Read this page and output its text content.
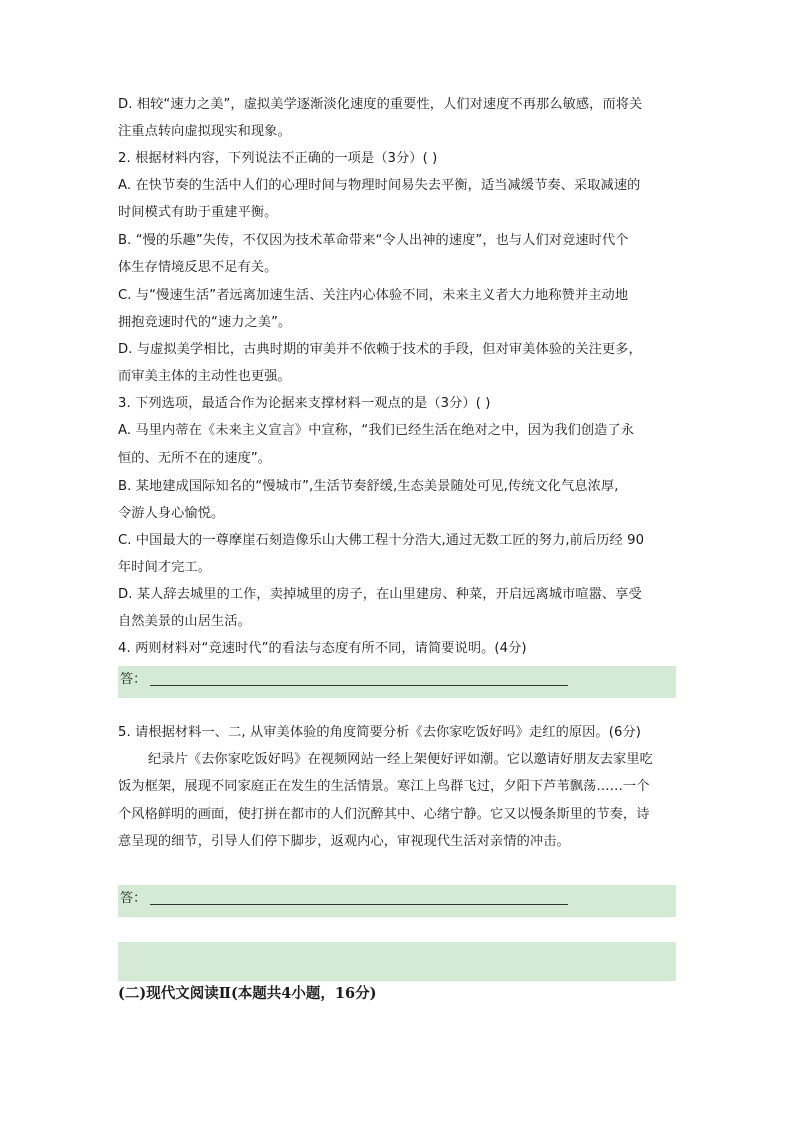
D. 相较“速力之美”，虚拟美学逐渐淡化速度的重要性，人们对速度不再那么敏感，而将关
注重点转向虚拟现实和现象。
2. 根据材料内容，下列说法不正确的一项是（3分）( )
A. 在快节奏的生活中人们的心理时间与物理时间易失去平衡，适当减缓节奏、采取减速的
时间模式有助于重建平衡。
B. “慢的乐趣”失传，不仅因为技术革命带来“令人出神的速度”，也与人们对竞速时代个
体生存情境反思不足有关。
C. 与“慢速生活”者远离加速生活、关注内心体验不同，未来主义者大力地称赞并主动地
拥抱竞速时代的“速力之美”。
D. 与虚拟美学相比，古典时期的审美并不依赖于技术的手段，但对审美体验的关注更多，
而审美主体的主动性也更强。
3. 下列选项，最适合作为论据来支撑材料一观点的是（3分）( )
A. 马里内蒂在《未来主义宣言》中宣称，“我们已经生活在绝对之中，因为我们创造了永
恒的、无所不在的速度”。
B. 某地建成国际知名的“慢城市”,生活节奏舒缓,生态美景随处可见,传统文化气息浓厚,
令游人身心愉悦。
C. 中国最大的一尊摩崖石刻造像乐山大佛工程十分浩大,通过无数工匠的努力,前后历经 90
年时间才完工。
D. 某人辞去城里的工作，卖掉城里的房子，在山里建房、种菜，开启远离城市喧嚣、享受
自然美景的山居生活。
4. 两则材料对“竞速时代”的看法与态度有所不同，请简要说明。(4分)
答：
5. 请根据材料一、二, 从审美体验的角度简要分析《去你家吃饭好吗》走红的原因。(6分)
纪录片《去你家吃饭好吗》在视频网站一经上架便好评如潮。它以邀请好朋友去家里吃
饭为框架，展现不同家庭正在发生的生活情景。寒江上鸟群飞过，夕阳下芦苇飘荡……一个
个风格鲜明的画面，使打拼在都市的人们沉醉其中、心绪宁静。它又以慢条斯里的节奏，诗
意呈现的细节，引导人们停下脚步，返观内心，审视现代生活对亲情的冲击。
答：
(二)现代文阅读Ⅱ(本题共4小题，16分)
